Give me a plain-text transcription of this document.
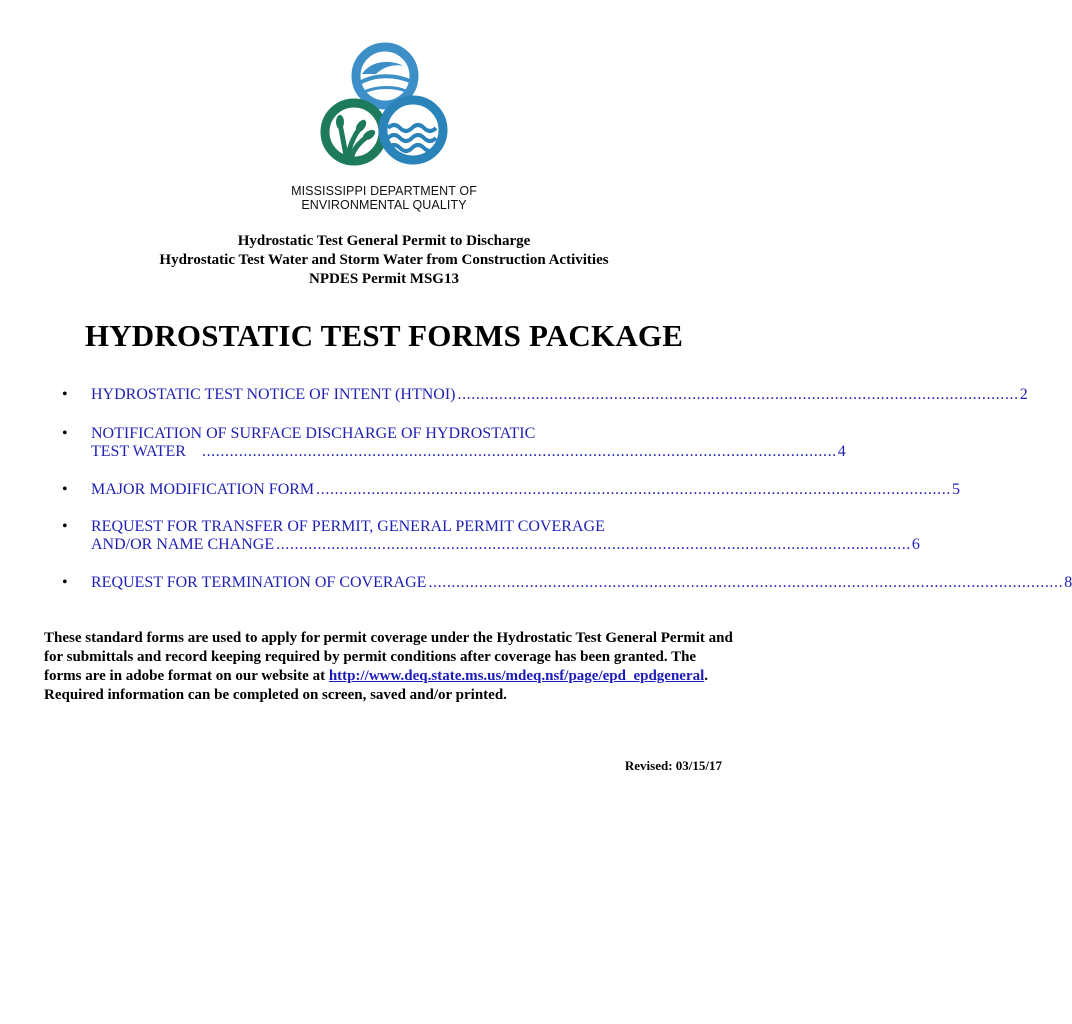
MISSISSIPPI DEPARTMENT OF
ENVIRONMENTAL QUALITY
Hydrostatic Test General Permit to Discharge
Hydrostatic Test Water and Storm Water from Construction Activities
NPDES Permit MSG13
HYDROSTATIC TEST FORMS PACKAGE
•	HYDROSTATIC TEST NOTICE OF INTENT (HTNOI) .......................................................................................................................... 2
•	NOTIFICATION OF SURFACE DISCHARGE OF HYDROSTATIC
TEST WATER .......................................................................................................................................... 4
•	MAJOR MODIFICATION FORM .......................................................................................................................................... 5
•	REQUEST FOR TRANSFER OF PERMIT, GENERAL PERMIT COVERAGE
AND/OR NAME CHANGE .......................................................................................................................................... 6
•	REQUEST FOR TERMINATION OF COVERAGE .......................................................................................................................................... 8
These standard forms are used to apply for permit coverage under the Hydrostatic Test General Permit and for submittals and record keeping required by permit conditions after coverage has been granted. The forms are in adobe format on our website at http://www.deq.state.ms.us/mdeq.nsf/page/epd_epdgeneral. Required information can be completed on screen, saved and/or printed.
Revised: 03/15/17
